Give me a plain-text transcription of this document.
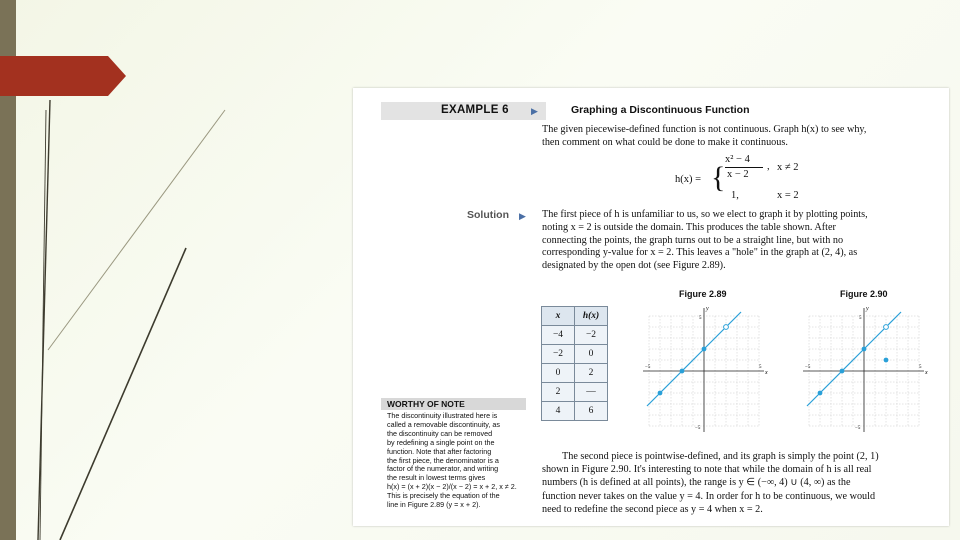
EXAMPLE 6 ▶	Graphing a Discontinuous Function
The given piecewise-defined function is not continuous. Graph h(x) to see why,
then comment on what could be done to make it continuous.
h(x) = {
x² − 4
x − 2
, x ≠ 2
1,	x = 2
Solution ▶ The first piece of h is unfamiliar to us, so we elect to graph it by plotting points,
noting x = 2 is outside the domain. This produces the table shown. After
connecting the points, the graph turns out to be a straight line, but with no
corresponding y-value for x = 2. This leaves a "hole" in the graph at (2, 4), as
designated by the open dot (see Figure 2.89).
x	h(x)
−4	−2
−2	0
0	2
2	—
4	6
Figure 2.89	Figure 2.90
x
y
5
−5
5
−5
x
y
5
−5
5
−5
WORTHY OF NOTE
The discontinuity illustrated here is
called a removable discontinuity, as
the discontinuity can be removed
by redefining a single point on the
function. Note that after factoring
the first piece, the denominator is a
factor of the numerator, and writing
the result in lowest terms gives
h(x) = (x + 2)(x − 2)/(x − 2) = x + 2, x ≠ 2.
This is precisely the equation of the
line in Figure 2.89 (y = x + 2).
The second piece is pointwise-defined, and its graph is simply the point (2, 1)
shown in Figure 2.90. It's interesting to note that while the domain of h is all real
numbers (h is defined at all points), the range is y ∈ (−∞, 4) ∪ (4, ∞) as the
function never takes on the value y = 4. In order for h to be continuous, we would
need to redefine the second piece as y = 4 when x = 2.
